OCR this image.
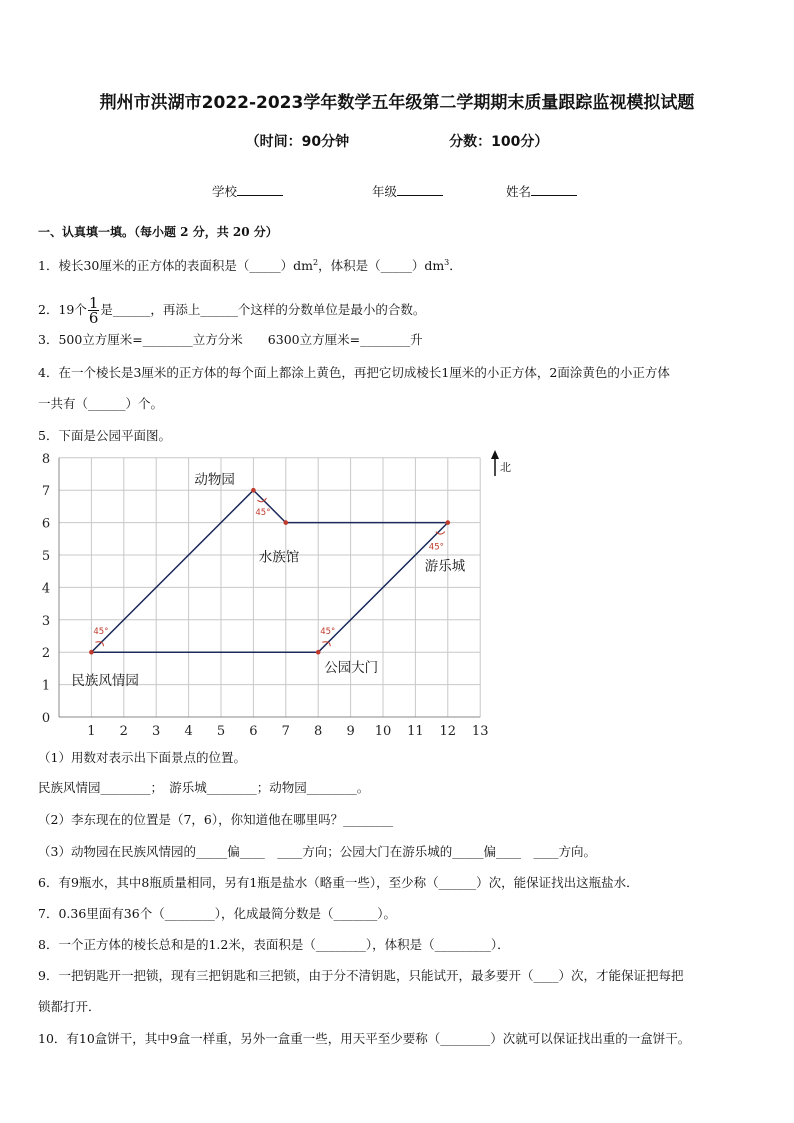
荆州市洪湖市2022-2023学年数学五年级第二学期期末质量跟踪监视模拟试题
（时间：90分钟	分数：100分）
学校	年级	姓名
一、认真填一填。（每小题 2 分，共 20 分）
1．棱长30厘米的正方体的表面积是$(\_\_\_\_\_)dm^2$，体积是$(\_\_\_\_\_)dm^3$．
2．19个 $\frac{1}{6}$ 是______，再添上______个这样的分数单位是最小的合数。
3．500立方厘米=________立方分米　　6300立方厘米=________升
4．在一个棱长是3厘米的正方体的每个面上都涂上黄色，再把它切成棱长1厘米的小正方体，2面涂黄色的小正方体
一共有（______）个。
5．下面是公园平面图。
1 2 3 4 5 6 7 8 9 10 11 12 13
0
1
2
3
4
5
6
7
8
45°
45°
45°
45°
民族风情园
动物园
水族馆
游乐城
公园大门
北
（1）用数对表示出下面景点的位置。
民族风情园________；　游乐城________；动物园________。
（2）李东现在的位置是（7，6），你知道他在哪里吗？________
（3）动物园在民族风情园的_____偏____　____方向；公园大门在游乐城的_____偏____　____方向。
6．有9瓶水，其中8瓶质量相同，另有1瓶是盐水（略重一些），至少称（______）次，能保证找出这瓶盐水．
7．0.36里面有36个（________），化成最简分数是（_______）。
8．一个正方体的棱长总和是的1.2米，表面积是（________），体积是（_________）．
9．一把钥匙开一把锁，现有三把钥匙和三把锁，由于分不清钥匙，只能试开，最多要开（____）次，才能保证把每把
锁都打开．
10．有10盒饼干，其中9盒一样重，另外一盒重一些，用天平至少要称（________）次就可以保证找出重的一盒饼干。
